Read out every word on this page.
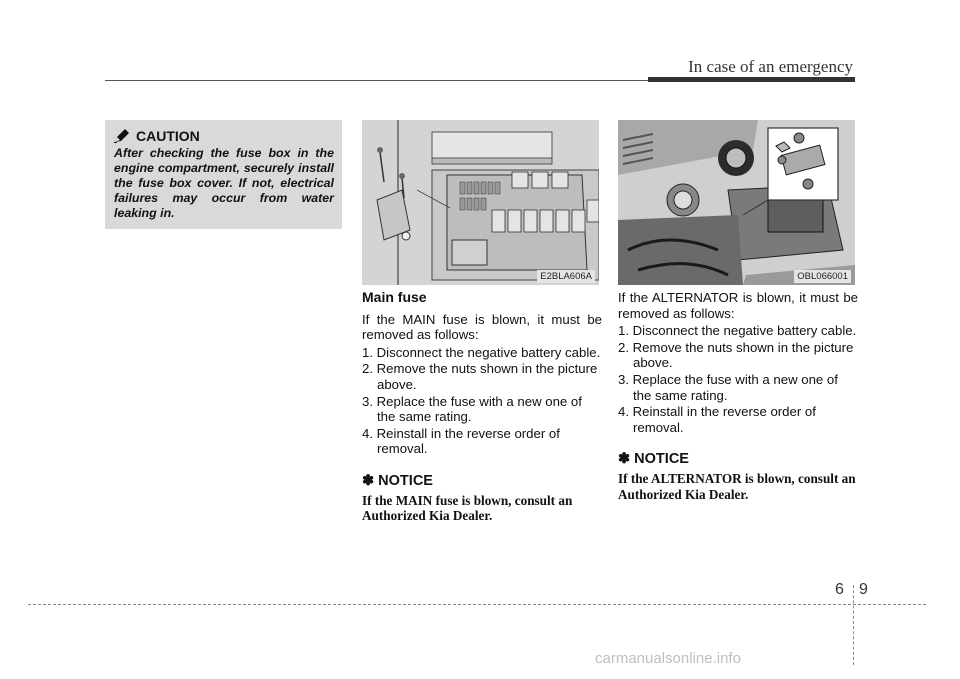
In case of an emergency
CAUTION
After checking the fuse box in the engine compartment, securely install the fuse box cover. If not, electrical failures may occur from water leaking in.
E2BLA606A	OBL066001
Main fuse
If the MAIN fuse is blown, it must be removed as follows:
1. Disconnect the negative battery cable.
2. Remove the nuts shown in the picture above.
3. Replace the fuse with a new one of the same rating.
4. Reinstall in the reverse order of removal.
✽ NOTICE
If the MAIN fuse is blown, consult an Authorized Kia Dealer.
If the ALTERNATOR is blown, it must be removed as follows:
1. Disconnect the negative battery cable.
2. Remove the nuts shown in the picture above.
3. Replace the fuse with a new one of the same rating.
4. Reinstall in the reverse order of removal.
✽ NOTICE
If the ALTERNATOR is blown, consult an Authorized Kia Dealer.
6 9
carmanualsonline.info
